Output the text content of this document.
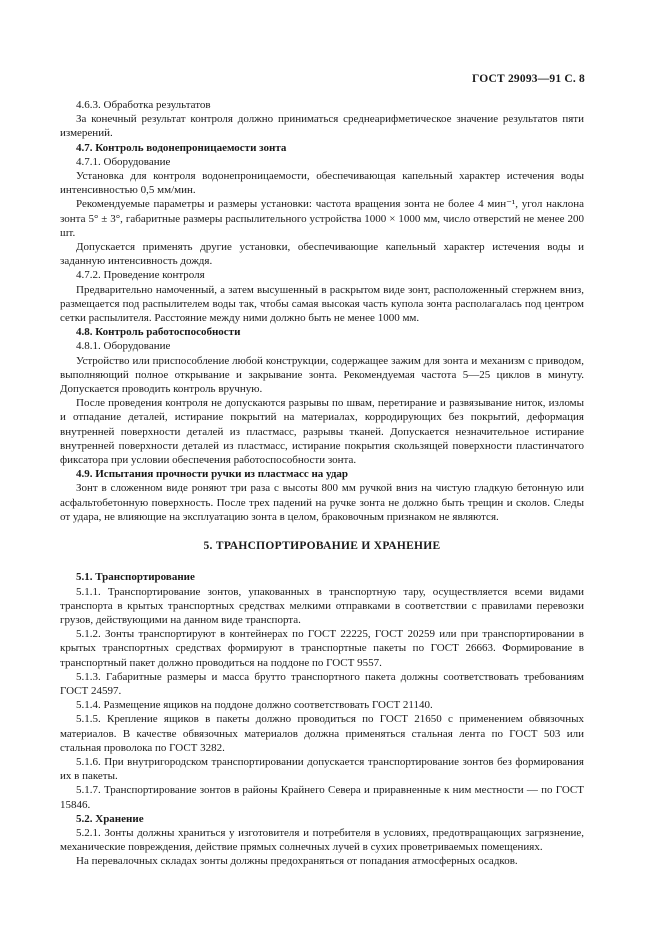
ГОСТ 29093—91 С. 8

4.6.3. Обработка результатов

За конечный результат контроля должно приниматься среднеарифметическое значение результатов пяти измерений.

4.7. Контроль водонепроницаемости зонта

4.7.1. Оборудование

Установка для контроля водонепроницаемости, обеспечивающая капельный характер истечения воды интенсивностью 0,5 мм/мин.

Рекомендуемые параметры и размеры установки: частота вращения зонта не более 4 мин⁻¹, угол наклона зонта 5° ± 3°, габаритные размеры распылительного устройства 1000 × 1000 мм, число отверстий не менее 200 шт.

Допускается применять другие установки, обеспечивающие капельный характер истечения воды и заданную интенсивность дождя.

4.7.2. Проведение контроля

Предварительно намоченный, а затем высушенный в раскрытом виде зонт, расположенный стержнем вниз, размещается под распылителем воды так, чтобы самая высокая часть купола зонта располагалась под центром сетки распылителя. Расстояние между ними должно быть не менее 1000 мм.

4.8. Контроль работоспособности

4.8.1. Оборудование

Устройство или приспособление любой конструкции, содержащее зажим для зонта и механизм с приводом, выполняющий полное открывание и закрывание зонта. Рекомендуемая частота 5—25 циклов в минуту. Допускается проводить контроль вручную.

После проведения контроля не допускаются разрывы по швам, перетирание и развязывание ниток, изломы и отпадание деталей, истирание покрытий на материалах, корродирующих без покрытий, деформация внутренней поверхности деталей из пластмасс, разрывы тканей. Допускается незначительное истирание внутренней поверхности деталей из пластмасс, истирание покрытия скользящей поверхности пластинчатого фиксатора при условии обеспечения работоспособности зонта.

4.9. Испытания прочности ручки из пластмасс на удар

Зонт в сложенном виде роняют три раза с высоты 800 мм ручкой вниз на чистую гладкую бетонную или асфальтобетонную поверхность. После трех падений на ручке зонта не должно быть трещин и сколов. Следы от удара, не влияющие на эксплуатацию зонта в целом, браковочным признаком не являются.

5. ТРАНСПОРТИРОВАНИЕ И ХРАНЕНИЕ

5.1. Транспортирование

5.1.1. Транспортирование зонтов, упакованных в транспортную тару, осуществляется всеми видами транспорта в крытых транспортных средствах мелкими отправками в соответствии с правилами перевозки грузов, действующими на данном виде транспорта.

5.1.2. Зонты транспортируют в контейнерах по ГОСТ 22225, ГОСТ 20259 или при транспортировании в крытых транспортных средствах формируют в транспортные пакеты по ГОСТ 26663. Формирование в транспортный пакет должно проводиться на поддоне по ГОСТ 9557.

5.1.3. Габаритные размеры и масса брутто транспортного пакета должны соответствовать требованиям ГОСТ 24597.

5.1.4. Размещение ящиков на поддоне должно соответствовать ГОСТ 21140.

5.1.5. Крепление ящиков в пакеты должно проводиться по ГОСТ 21650 с применением обвязочных материалов. В качестве обвязочных материалов должна применяться стальная лента по ГОСТ 503 или стальная проволока по ГОСТ 3282.

5.1.6. При внутригородском транспортировании допускается транспортирование зонтов без формирования их в пакеты.

5.1.7. Транспортирование зонтов в районы Крайнего Севера и приравненные к ним местности — по ГОСТ 15846.

5.2. Хранение

5.2.1. Зонты должны храниться у изготовителя и потребителя в условиях, предотвращающих загрязнение, механические повреждения, действие прямых солнечных лучей в сухих проветриваемых помещениях.

На перевалочных складах зонты должны предохраняться от попадания атмосферных осадков.
